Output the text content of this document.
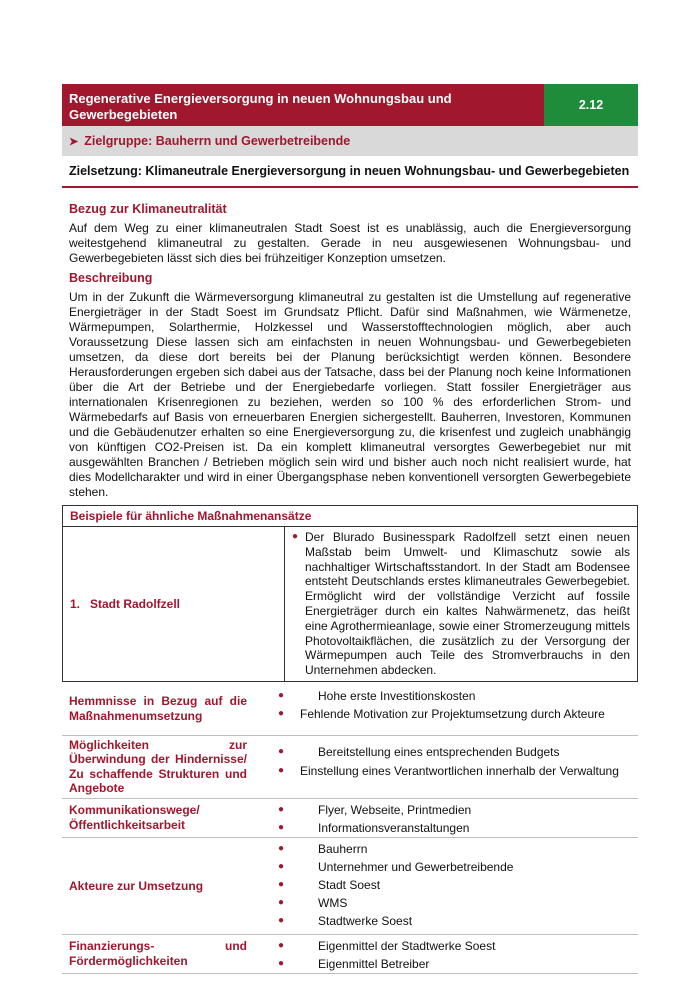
Regenerative Energieversorgung in neuen Wohnungsbau und Gewerbegebieten
2.12
➤ Zielgruppe: Bauherrn und Gewerbetreibende
Zielsetzung: Klimaneutrale Energieversorgung in neuen Wohnungsbau- und Gewerbegebieten
Bezug zur Klimaneutralität
Auf dem Weg zu einer klimaneutralen Stadt Soest ist es unablässig, auch die Energieversorgung weitestgehend klimaneutral zu gestalten. Gerade in neu ausgewiesenen Wohnungsbau- und Gewerbegebieten lässt sich dies bei frühzeitiger Konzeption umsetzen.
Beschreibung
Um in der Zukunft die Wärmeversorgung klimaneutral zu gestalten ist die Umstellung auf regenerative Energieträger in der Stadt Soest im Grundsatz Pflicht. Dafür sind Maßnahmen, wie Wärmenetze, Wärmepumpen, Solarthermie, Holzkessel und Wasserstofftechnologien möglich, aber auch Voraussetzung Diese lassen sich am einfachsten in neuen Wohnungsbau- und Gewerbegebieten umsetzen, da diese dort bereits bei der Planung berücksichtigt werden können. Besondere Herausforderungen ergeben sich dabei aus der Tatsache, dass bei der Planung noch keine Informationen über die Art der Betriebe und der Energiebedarfe vorliegen. Statt fossiler Energieträger aus internationalen Krisenregionen zu beziehen, werden so 100 % des erforderlichen Strom- und Wärmebedarfs auf Basis von erneuerbaren Energien sichergestellt. Bauherren, Investoren, Kommunen und die Gebäudenutzer erhalten so eine Energieversorgung zu, die krisenfest und zugleich unabhängig von künftigen CO2-Preisen ist. Da ein komplett klimaneutral versorgtes Gewerbegebiet nur mit ausgewählten Branchen / Betrieben möglich sein wird und bisher auch noch nicht realisiert wurde, hat dies Modellcharakter und wird in einer Übergangsphase neben konventionell versorgten Gewerbegebiete stehen.
Beispiele für ähnliche Maßnahmenansätze
1.   Stadt Radolfzell	
● Der Blurado Businesspark Radolfzell setzt einen neuen Maßstab beim Umwelt- und Klimaschutz sowie als nachhaltiger Wirtschaftsstandort. In der Stadt am Bodensee entsteht Deutschlands erstes klimaneutrales Gewerbegebiet. Ermöglicht wird der vollständige Verzicht auf fossile Energieträger durch ein kaltes Nahwärmenetz, das heißt eine Agrothermieanlage, sowie einer Stromerzeugung mittels Photovoltaikflächen, die zusätzlich zu der Versorgung der Wärmepumpen auch Teile des Stromverbrauchs in den Unternehmen abdecken.
Hemmnisse in Bezug auf die Maßnahmenumsetzung
●	Hohe erste Investitionskosten
●	Fehlende Motivation zur Projektumsetzung durch Akteure
Möglichkeiten zur Überwindung der Hindernisse/ Zu schaffende Strukturen und Angebote
●	Bereitstellung eines entsprechenden Budgets
●	Einstellung eines Verantwortlichen innerhalb der Verwaltung
Kommunikationswege/ Öffentlichkeitsarbeit
●	Flyer, Webseite, Printmedien
●	Informationsveranstaltungen
Akteure zur Umsetzung
●	Bauherrn
●	Unternehmer und Gewerbetreibende
●	Stadt Soest
●	WMS
●	Stadtwerke Soest
Finanzierungs- und Fördermöglichkeiten
●	Eigenmittel der Stadtwerke Soest
●	Eigenmittel Betreiber
